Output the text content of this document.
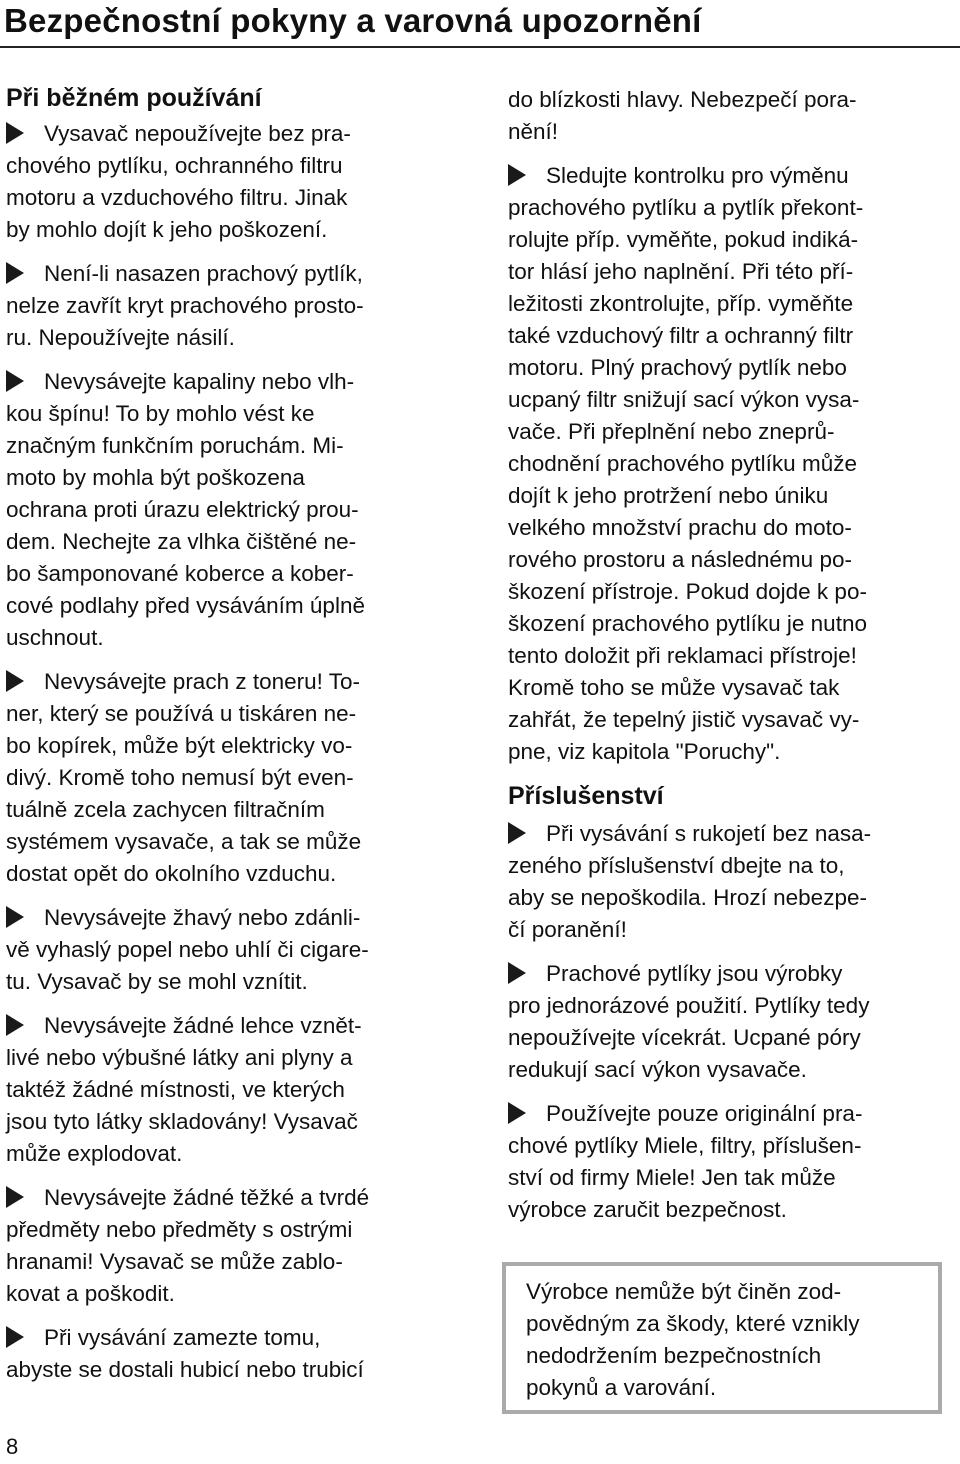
Bezpečnostní pokyny a varovná upozornění
Při běžném používání
Vysavač nepoužívejte bez pra-
chového pytlíku, ochranného filtru
motoru a vzduchového filtru. Jinak
by mohlo dojít k jeho poškození.
Není-li nasazen prachový pytlík,
nelze zavřít kryt prachového prosto-
ru. Nepoužívejte násilí.
Nevysávejte kapaliny nebo vlh-
kou špínu! To by mohlo vést ke
značným funkčním poruchám. Mi-
moto by mohla být poškozena
ochrana proti úrazu elektrický prou-
dem. Nechejte za vlhka čištěné ne-
bo šamponované koberce a kober-
cové podlahy před vysáváním úplně
uschnout.
Nevysávejte prach z toneru! To-
ner, který se používá u tiskáren ne-
bo kopírek, může být elektricky vo-
divý. Kromě toho nemusí být even-
tuálně zcela zachycen filtračním
systémem vysavače, a tak se může
dostat opět do okolního vzduchu.
Nevysávejte žhavý nebo zdánli-
vě vyhaslý popel nebo uhlí či cigare-
tu. Vysavač by se mohl vznítit.
Nevysávejte žádné lehce vznět-
livé nebo výbušné látky ani plyny a
taktéž žádné místnosti, ve kterých
jsou tyto látky skladovány! Vysavač
může explodovat.
Nevysávejte žádné těžké a tvrdé
předměty nebo předměty s ostrými
hranami! Vysavač se může zablo-
kovat a poškodit.
Při vysávání zamezte tomu,
abyste se dostali hubicí nebo trubicí
do blízkosti hlavy. Nebezpečí pora-
nění!
Sledujte kontrolku pro výměnu
prachového pytlíku a pytlík překont-
rolujte příp. vyměňte, pokud indiká-
tor hlásí jeho naplnění. Při této pří-
ležitosti zkontrolujte, příp. vyměňte
také vzduchový filtr a ochranný filtr
motoru. Plný prachový pytlík nebo
ucpaný filtr snižují sací výkon vysa-
vače. Při přeplnění nebo zneprů-
chodnění prachového pytlíku může
dojít k jeho protržení nebo úniku
velkého množství prachu do moto-
rového prostoru a následnému po-
škození přístroje. Pokud dojde k po-
škození prachového pytlíku je nutno
tento doložit při reklamaci přístroje!
Kromě toho se může vysavač tak
zahřát, že tepelný jistič vysavač vy-
pne, viz kapitola "Poruchy".
Příslušenství
Při vysávání s rukojetí bez nasa-
zeného příslušenství dbejte na to,
aby se nepoškodila. Hrozí nebezpe-
čí poranění!
Prachové pytlíky jsou výrobky
pro jednorázové použití. Pytlíky tedy
nepoužívejte vícekrát. Ucpané póry
redukují sací výkon vysavače.
Používejte pouze originální pra-
chové pytlíky Miele, filtry, příslušen-
ství od firmy Miele! Jen tak může
výrobce zaručit bezpečnost.
Výrobce nemůže být činěn zod-
povědným za škody, které vznikly
nedodržením bezpečnostních
pokynů a varování.
8
